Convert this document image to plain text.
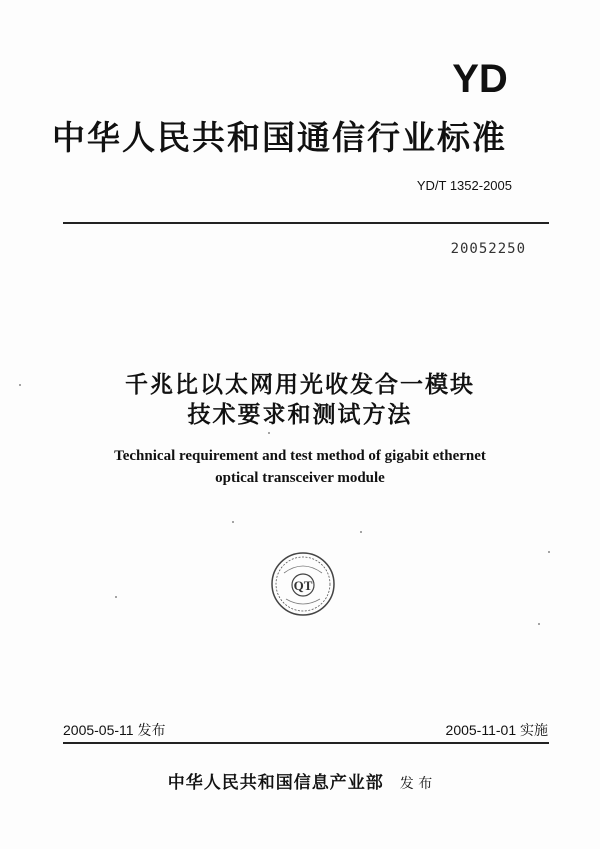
YD
中华人民共和国通信行业标准
YD/T 1352-2005
20052250
千兆比以太网用光收发合一模块
技术要求和测试方法
Technical requirement and test method of gigabit ethernet
optical transceiver module
QT
2005-05-11 发布	2005-11-01 实施
中华人民共和国信息产业部 发 布
